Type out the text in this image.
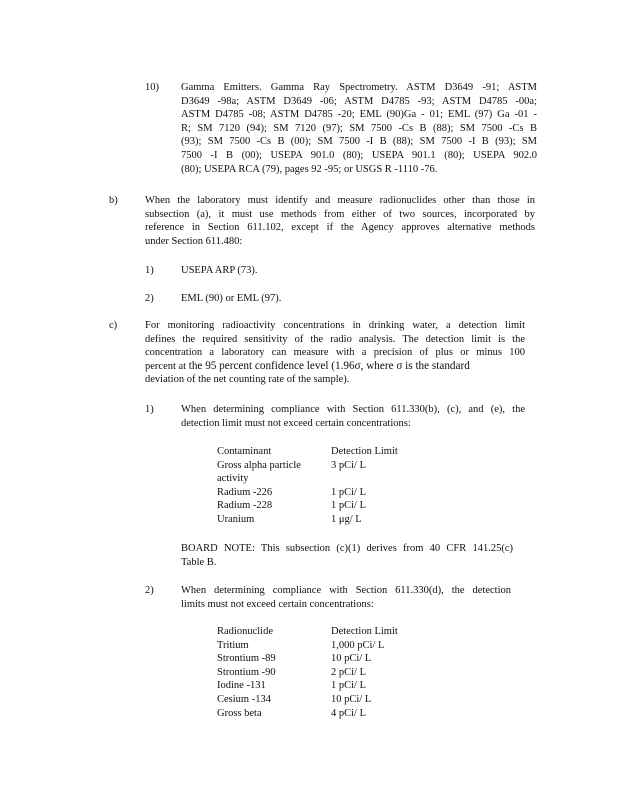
10) Gamma Emitters. Gamma Ray Spectrometry. ASTM D3649 -91; ASTM
D3649 -98a; ASTM D3649 -06; ASTM D4785 -93; ASTM D4785 -00a;
ASTM D4785 -08; ASTM D4785 -20; EML (90)Ga - 01; EML (97) Ga -01 -
R; SM 7120 (94); SM 7120 (97); SM 7500 -Cs B (88); SM 7500 -Cs B
(93); SM 7500 -Cs B (00); SM 7500 -I B (88); SM 7500 -I B (93); SM
7500 -I B (00); USEPA 901.0 (80); USEPA 901.1 (80); USEPA 902.0
(80); USEPA RCA (79), pages 92 -95; or USGS R -1110 -76.
b)	When the laboratory must identify and measure radionuclides other than those in
subsection (a), it must use methods from either of two sources, incorporated by
reference in Section 611.102, except if the Agency approves alternative methods
under Section 611.480:
1)	USEPA ARP (73).
2)	EML (90) or EML (97).
c)	For monitoring radioactivity concentrations in drinking water, a detection limit
defines the required sensitivity of the radio analysis. The detection limit is the
concentration a laboratory can measure with a precision of plus or minus 100
percent at the 95 percent confidence level (1.96σ, where σ is the standard
deviation of the net counting rate of the sample).
1)	When determining compliance with Section 611.330(b), (c), and (e), the
detection limit must not exceed certain concentrations:
Contaminant	Detection Limit
Gross alpha particle	3 pCi/ L
activity
Radium -226	1 pCi/ L
Radium -228	1 pCi/ L
Uranium	1 μg/ L
BOARD NOTE: This subsection (c)(1) derives from 40 CFR 141.25(c)
Table B.
2)	When determining compliance with Section 611.330(d), the detection
limits must not exceed certain concentrations:
Radionuclide	Detection Limit
Tritium	1,000 pCi/ L
Strontium -89	10 pCi/ L
Strontium -90	2 pCi/ L
Iodine -131	1 pCi/ L
Cesium -134	10 pCi/ L
Gross beta	4 pCi/ L
